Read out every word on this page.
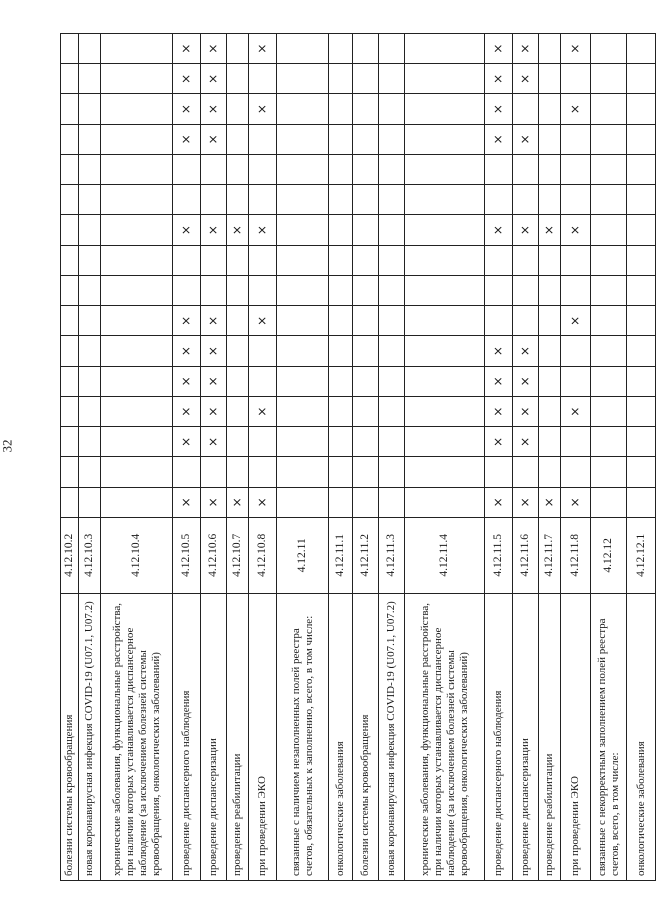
32
болезни системы кровообращения	4.12.10.2																
новая коронавирусная инфекция COVID-19 (U07.1, U07.2)	4.12.10.3																
хронические заболевания, функциональные расстройства, при наличии которых устанавливается диспансерное наблюдение (за исключением болезней системы кровообращения, онкологических заболеваний)	4.12.10.4																
проведение диспансерного наблюдения	4.12.10.5	×		×	×	×	×	×			×			×	×	×	×
проведение диспансеризации	4.12.10.6	×		×	×	×	×	×			×			×	×	×	×
проведение реабилитации	4.12.10.7	×									×						
при проведении ЭКО	4.12.10.8	×			×			×			×				×		×
связанные с наличием незаполненных полей реестра счетов, обязательных к заполнению, всего, в том числе:	4.12.11																
онкологические заболевания	4.12.11.1																
болезни системы кровообращения	4.12.11.2																
новая коронавирусная инфекция COVID-19 (U07.1, U07.2)	4.12.11.3																
хронические заболевания, функциональные расстройства, при наличии которых устанавливается диспансерное наблюдение (за исключением болезней системы кровообращения, онкологических заболеваний)	4.12.11.4																
проведение диспансерного наблюдения	4.12.11.5	×		×	×	×	×				×			×	×	×	×
проведение диспансеризации	4.12.11.6	×		×	×	×	×				×			×		×	×
проведение реабилитации	4.12.11.7	×									×						
при проведении ЭКО	4.12.11.8	×			×			×			×				×		×
связанные с некорректным заполнением полей реестра счетов, всего, в том числе:	4.12.12																
онкологические заболевания	4.12.12.1																
